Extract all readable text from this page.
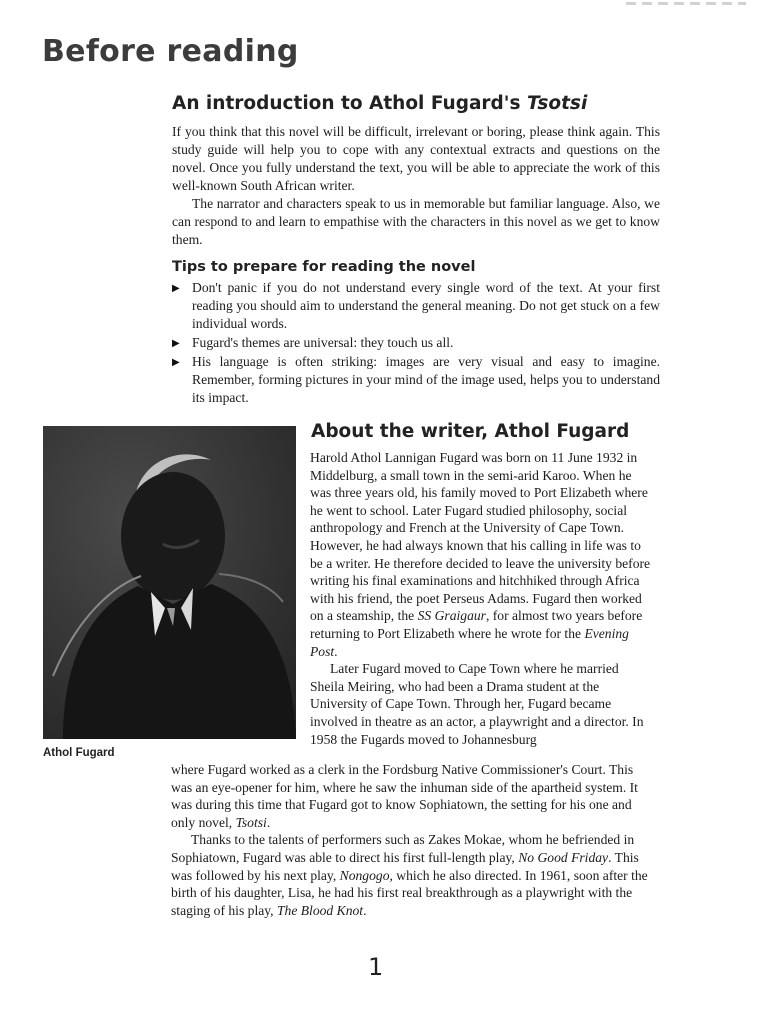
Before reading
An introduction to Athol Fugard's Tsotsi

If you think that this novel will be difficult, irrelevant or boring, please think again. This study guide will help you to cope with any contextual extracts and questions on the novel. Once you fully understand the text, you will be able to appreciate the work of this well-known South African writer.

The narrator and characters speak to us in memorable but familiar language. Also, we can respond to and learn to empathise with the characters in this novel as we get to know them.

Tips to prepare for reading the novel
▶ Don't panic if you do not understand every single word of the text. At your first reading you should aim to understand the general meaning. Do not get stuck on a few individual words.
▶ Fugard's themes are universal: they touch us all.
▶ His language is often striking: images are very visual and easy to imagine. Remember, forming pictures in your mind of the image used, helps you to understand its impact.

Athol Fugard

About the writer, Athol Fugard

Harold Athol Lannigan Fugard was born on 11 June 1932 in Middelburg, a small town in the semi-arid Karoo. When he was three years old, his family moved to Port Elizabeth where he went to school. Later Fugard studied philosophy, social anthropology and French at the University of Cape Town. However, he had always known that his calling in life was to be a writer. He therefore decided to leave the university before writing his final examinations and hitchhiked through Africa with his friend, the poet Perseus Adams. Fugard then worked on a steamship, the SS Graigaur, for almost two years before returning to Port Elizabeth where he wrote for the Evening Post.

Later Fugard moved to Cape Town where he married Sheila Meiring, who had been a Drama student at the University of Cape Town. Through her, Fugard became involved in theatre as an actor, a playwright and a director. In 1958 the Fugards moved to Johannesburg

where Fugard worked as a clerk in the Fordsburg Native Commissioner's Court. This was an eye-opener for him, where he saw the inhuman side of the apartheid system. It was during this time that Fugard got to know Sophiatown, the setting for his one and only novel, Tsotsi.

Thanks to the talents of performers such as Zakes Mokae, whom he befriended in Sophiatown, Fugard was able to direct his first full-length play, No Good Friday. This was followed by his next play, Nongogo, which he also directed. In 1961, soon after the birth of his daughter, Lisa, he had his first real breakthrough as a playwright with the staging of his play, The Blood Knot.

1
